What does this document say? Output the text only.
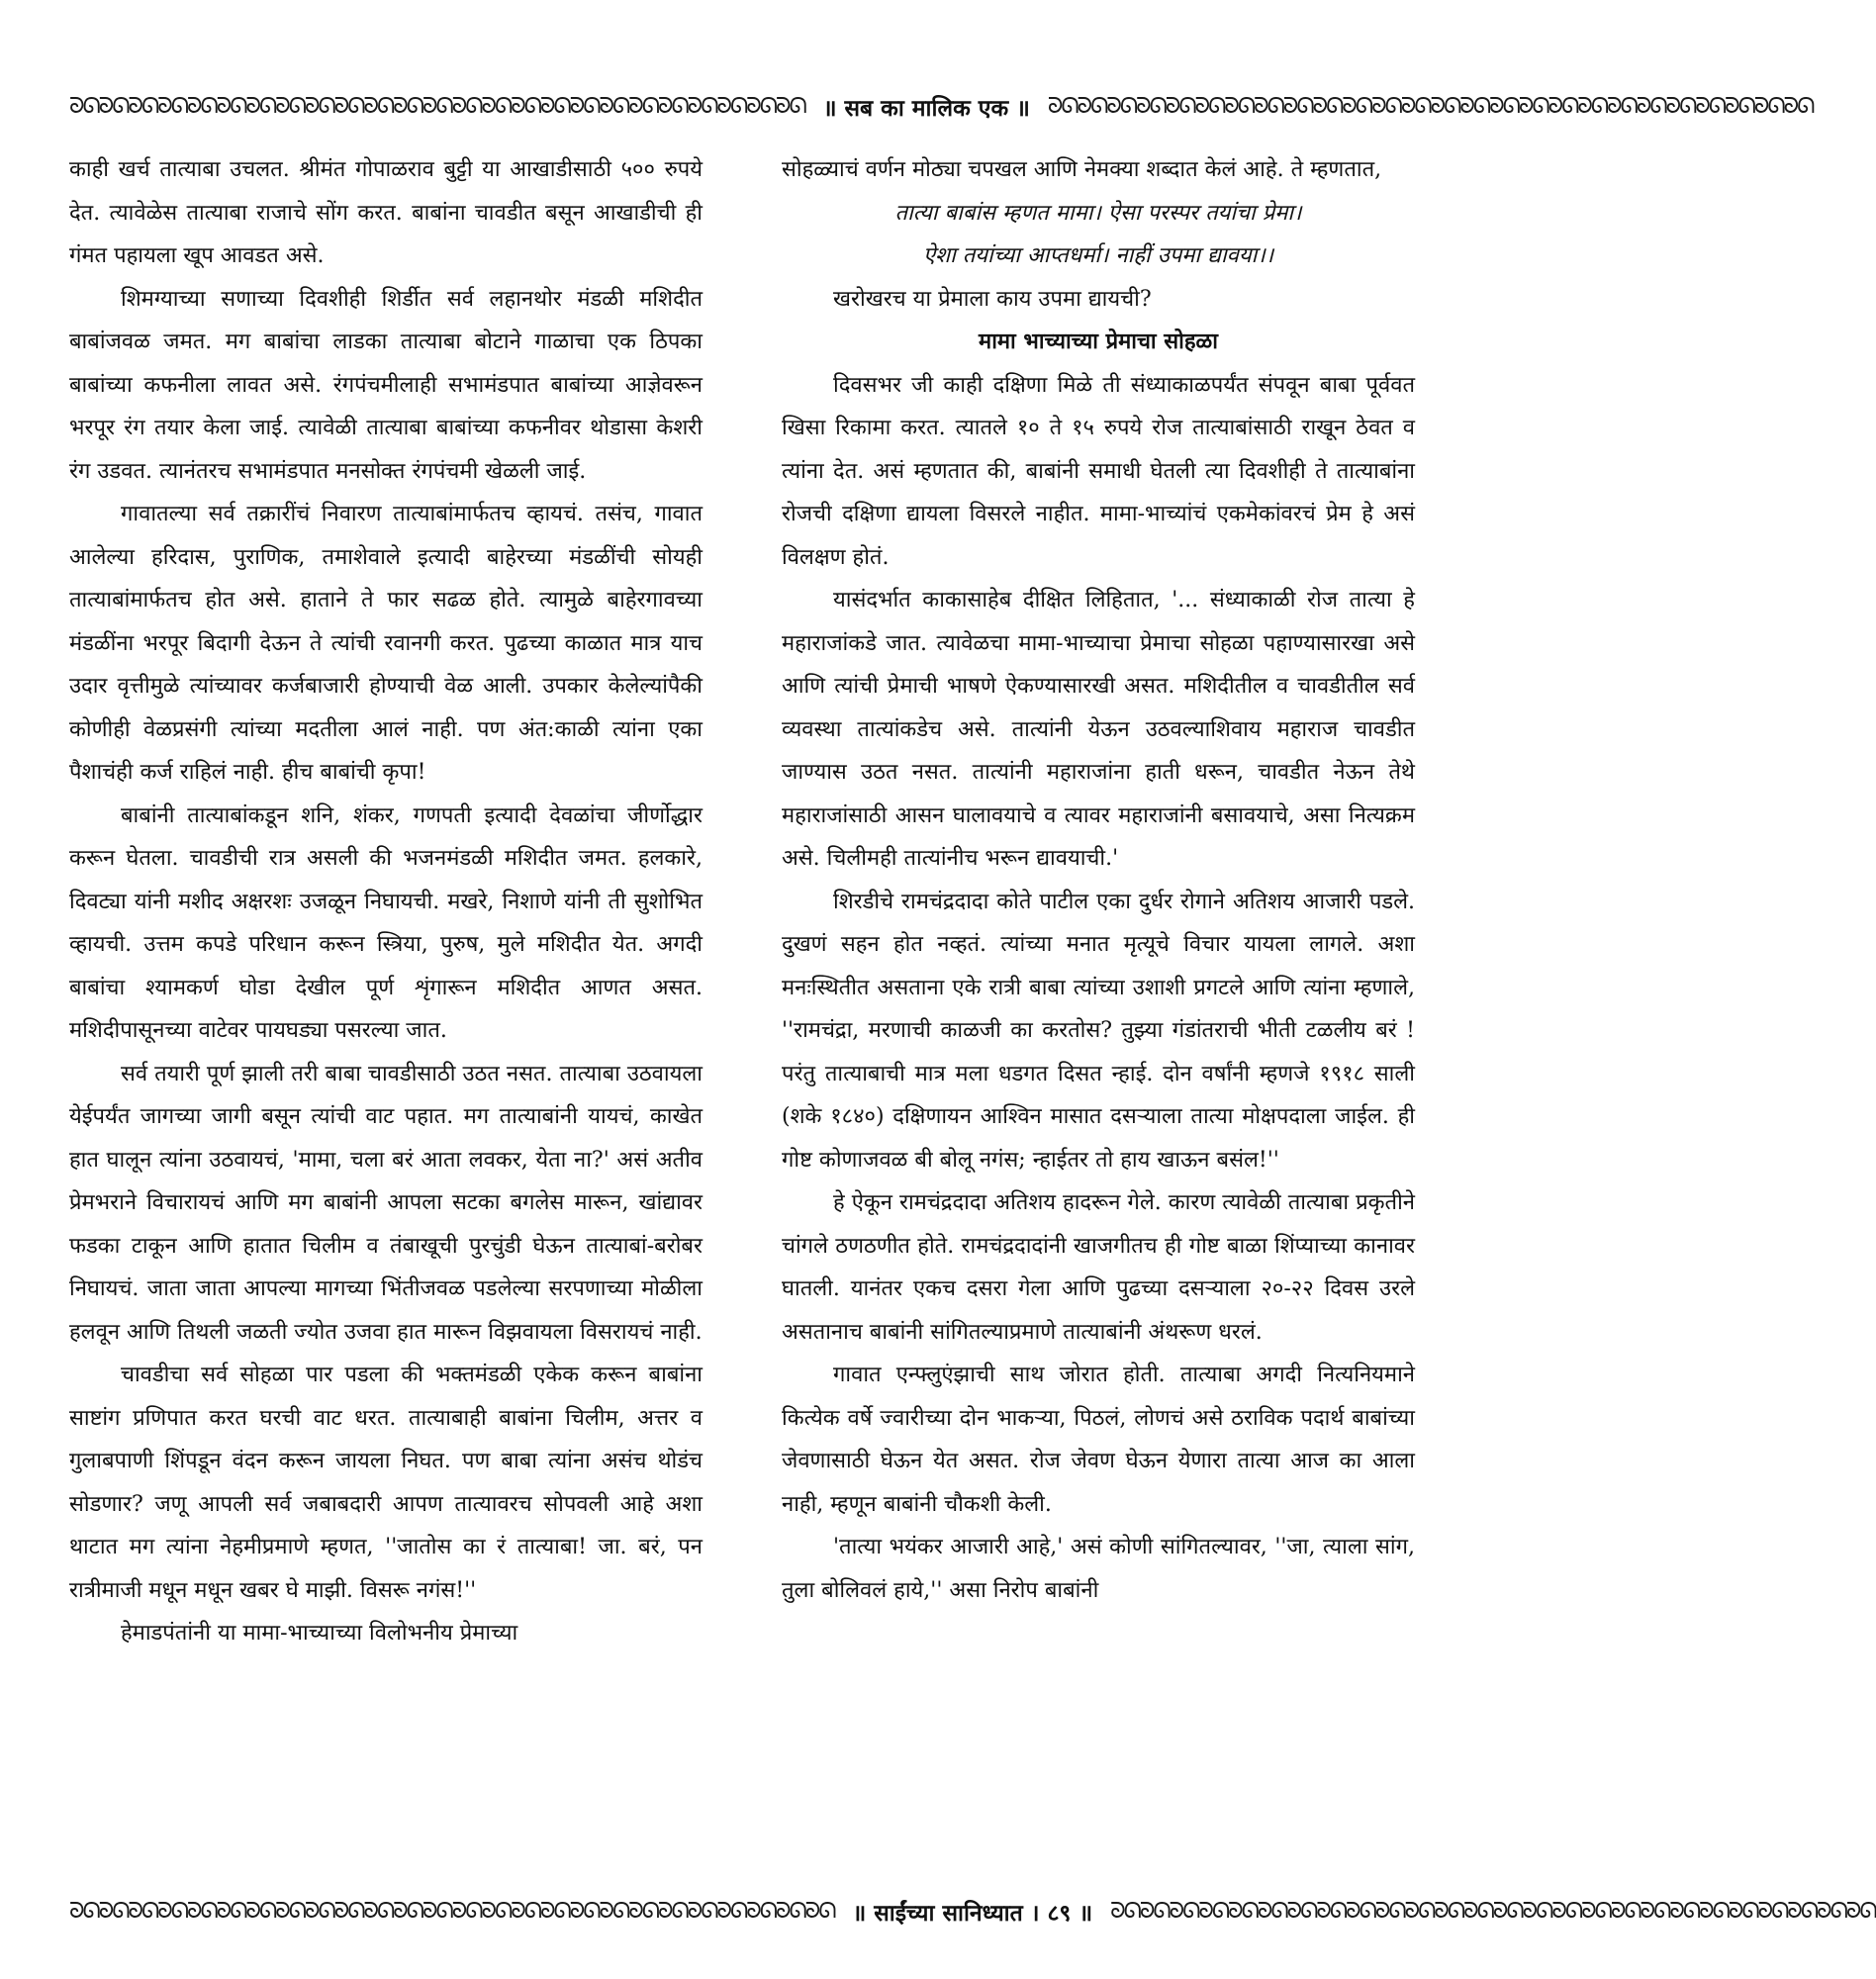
ᘐᘏᘐᘏᘐᘏᘐᘏᘐᘏᘐᘏᘐᘏᘐᘏᘐᘏᘐᘏᘐᘏᘐᘏᘐᘏᘐᘏᘐᘏᘐᘏᘐᘏᘐᘏᘐᘏᘐᘏᘐᘏᘐᘏᘐᘏᘐᘏᘐᘏ ॥ सब का मालिक एक ॥ ᘐᘏᘐᘏᘐᘏᘐᘏᘐᘏᘐᘏᘐᘏᘐᘏᘐᘏᘐᘏᘐᘏᘐᘏᘐᘏᘐᘏᘐᘏᘐᘏᘐᘏᘐᘏᘐᘏᘐᘏᘐᘏᘐᘏᘐᘏᘐᘏᘐᘏᘐᘏ

काही खर्च तात्याबा उचलत. श्रीमंत गोपाळराव बुट्टी या आखाडीसाठी ५०० रुपये देत. त्यावेळेस तात्याबा राजाचे सोंग करत. बाबांना चावडीत बसून आखाडीची ही गंमत पहायला खूप आवडत असे.

शिमग्याच्या सणाच्या दिवशीही शिर्डीत सर्व लहानथोर मंडळी मशिदीत बाबांजवळ जमत. मग बाबांचा लाडका तात्याबा बोटाने गाळाचा एक ठिपका बाबांच्या कफनीला लावत असे. रंगपंचमीलाही सभामंडपात बाबांच्या आज्ञेवरून भरपूर रंग तयार केला जाई. त्यावेळी तात्याबा बाबांच्या कफनीवर थोडासा केशरी रंग उडवत. त्यानंतरच सभामंडपात मनसोक्त रंगपंचमी खेळली जाई.

गावातल्या सर्व तक्रारींचं निवारण तात्याबांमार्फतच व्हायचं. तसंच, गावात आलेल्या हरिदास, पुराणिक, तमाशेवाले इत्यादी बाहेरच्या मंडळींची सोयही तात्याबांमार्फतच होत असे. हाताने ते फार सढळ होते. त्यामुळे बाहेरगावच्या मंडळींना भरपूर बिदागी देऊन ते त्यांची रवानगी करत. पुढच्या काळात मात्र याच उदार वृत्तीमुळे त्यांच्यावर कर्जबाजारी होण्याची वेळ आली. उपकार केलेल्यांपैकी कोणीही वेळप्रसंगी त्यांच्या मदतीला आलं नाही. पण अंत:काळी त्यांना एका पैशाचंही कर्ज राहिलं नाही. हीच बाबांची कृपा!

बाबांनी तात्याबांकडून शनि, शंकर, गणपती इत्यादी देवळांचा जीर्णोद्धार करून घेतला. चावडीची रात्र असली की भजनमंडळी मशिदीत जमत. हलकारे, दिवट्या यांनी मशीद अक्षरशः उजळून निघायची. मखरे, निशाणे यांनी ती सुशोभित व्हायची. उत्तम कपडे परिधान करून स्त्रिया, पुरुष, मुले मशिदीत येत. अगदी बाबांचा श्यामकर्ण घोडा देखील पूर्ण शृंगारून मशिदीत आणत असत. मशिदीपासूनच्या वाटेवर पायघड्या पसरल्या जात.

सर्व तयारी पूर्ण झाली तरी बाबा चावडीसाठी उठत नसत. तात्याबा उठवायला येईपर्यंत जागच्या जागी बसून त्यांची वाट पहात. मग तात्याबांनी यायचं, काखेत हात घालून त्यांना उठवायचं, 'मामा, चला बरं आता लवकर, येता ना?' असं अतीव प्रेमभराने विचारायचं आणि मग बाबांनी आपला सटका बगलेस मारून, खांद्यावर फडका टाकून आणि हातात चिलीम व तंबाखूची पुरचुंडी घेऊन तात्याबां-बरोबर निघायचं. जाता जाता आपल्या मागच्या भिंतीजवळ पडलेल्या सरपणाच्या मोळीला हलवून आणि तिथली जळती ज्योत उजवा हात मारून विझवायला विसरायचं नाही.

चावडीचा सर्व सोहळा पार पडला की भक्तमंडळी एकेक करून बाबांना साष्टांग प्रणिपात करत घरची वाट धरत. तात्याबाही बाबांना चिलीम, अत्तर व गुलाबपाणी शिंपडून वंदन करून जायला निघत. पण बाबा त्यांना असंच थोडंच सोडणार? जणू आपली सर्व जबाबदारी आपण तात्यावरच सोपवली आहे अशा थाटात मग त्यांना नेहमीप्रमाणे म्हणत, ''जातोस का रं तात्याबा! जा. बरं, पन रात्रीमाजी मधून मधून खबर घे माझी. विसरू नगंस!''

हेमाडपंतांनी या मामा-भाच्याच्या विलोभनीय प्रेमाच्या

सोहळ्याचं वर्णन मोठ्या चपखल आणि नेमक्या शब्दात केलं आहे. ते म्हणतात,

तात्या बाबांस म्हणत मामा। ऐसा परस्पर तयांचा प्रेमा।

ऐशा तयांच्या आप्तधर्मा। नाहीं उपमा द्यावया।।

खरोखरच या प्रेमाला काय उपमा द्यायची?

मामा भाच्याच्या प्रेमाचा सोहळा

दिवसभर जी काही दक्षिणा मिळे ती संध्याकाळपर्यंत संपवून बाबा पूर्ववत खिसा रिकामा करत. त्यातले १० ते १५ रुपये रोज तात्याबांसाठी राखून ठेवत व त्यांना देत. असं म्हणतात की, बाबांनी समाधी घेतली त्या दिवशीही ते तात्याबांना रोजची दक्षिणा द्यायला विसरले नाहीत. मामा-भाच्यांचं एकमेकांवरचं प्रेम हे असं विलक्षण होतं.

यासंदर्भात काकासाहेब दीक्षित लिहितात, '... संध्याकाळी रोज तात्या हे महाराजांकडे जात. त्यावेळचा मामा-भाच्याचा प्रेमाचा सोहळा पहाण्यासारखा असे आणि त्यांची प्रेमाची भाषणे ऐकण्यासारखी असत. मशिदीतील व चावडीतील सर्व व्यवस्था तात्यांकडेच असे. तात्यांनी येऊन उठवल्याशिवाय महाराज चावडीत जाण्यास उठत नसत. तात्यांनी महाराजांना हाती धरून, चावडीत नेऊन तेथे महाराजांसाठी आसन घालावयाचे व त्यावर महाराजांनी बसावयाचे, असा नित्यक्रम असे. चिलीमही तात्यांनीच भरून द्यावयाची.'

शिरडीचे रामचंद्रदादा कोते पाटील एका दुर्धर रोगाने अतिशय आजारी पडले. दुखणं सहन होत नव्हतं. त्यांच्या मनात मृत्यूचे विचार यायला लागले. अशा मनःस्थितीत असताना एके रात्री बाबा त्यांच्या उशाशी प्रगटले आणि त्यांना म्हणाले, ''रामचंद्रा, मरणाची काळजी का करतोस? तुझ्या गंडांतराची भीती टळलीय बरं ! परंतु तात्याबाची मात्र मला धडगत दिसत न्हाई. दोन वर्षांनी म्हणजे १९१८ साली (शके १८४०) दक्षिणायन आश्विन मासात दसऱ्याला तात्या मोक्षपदाला जाईल. ही गोष्ट कोणाजवळ बी बोलू नगंस; न्हाईतर तो हाय खाऊन बसंल!''

हे ऐकून रामचंद्रदादा अतिशय हादरून गेले. कारण त्यावेळी तात्याबा प्रकृतीने चांगले ठणठणीत होते. रामचंद्रदादांनी खाजगीतच ही गोष्ट बाळा शिंप्याच्या कानावर घातली. यानंतर एकच दसरा गेला आणि पुढच्या दसऱ्याला २०-२२ दिवस उरले असतानाच बाबांनी सांगितल्याप्रमाणे तात्याबांनी अंथरूण धरलं.

गावात एन्फ्लुएंझाची साथ जोरात होती. तात्याबा अगदी नित्यनियमाने कित्येक वर्षे ज्वारीच्या दोन भाकऱ्या, पिठलं, लोणचं असे ठराविक पदार्थ बाबांच्या जेवणासाठी घेऊन येत असत. रोज जेवण घेऊन येणारा तात्या आज का आला नाही, म्हणून बाबांनी चौकशी केली.

'तात्या भयंकर आजारी आहे,' असं कोणी सांगितल्यावर, ''जा, त्याला सांग, तुला बोलिवलं हाये,'' असा निरोप बाबांनी

ᘐᘏᘐᘏᘐᘏᘐᘏᘐᘏᘐᘏᘐᘏᘐᘏᘐᘏᘐᘏᘐᘏᘐᘏᘐᘏᘐᘏᘐᘏᘐᘏᘐᘏᘐᘏᘐᘏᘐᘏᘐᘏᘐᘏᘐᘏᘐᘏᘐᘏᘐᘏ ॥ साईंच्या सानिध्यात । ८९ ॥ ᘐᘏᘐᘏᘐᘏᘐᘏᘐᘏᘐᘏᘐᘏᘐᘏᘐᘏᘐᘏᘐᘏᘐᘏᘐᘏᘐᘏᘐᘏᘐᘏᘐᘏᘐᘏᘐᘏᘐᘏᘐᘏᘐᘏᘐᘏᘐᘏᘐᘏᘐᘏ
